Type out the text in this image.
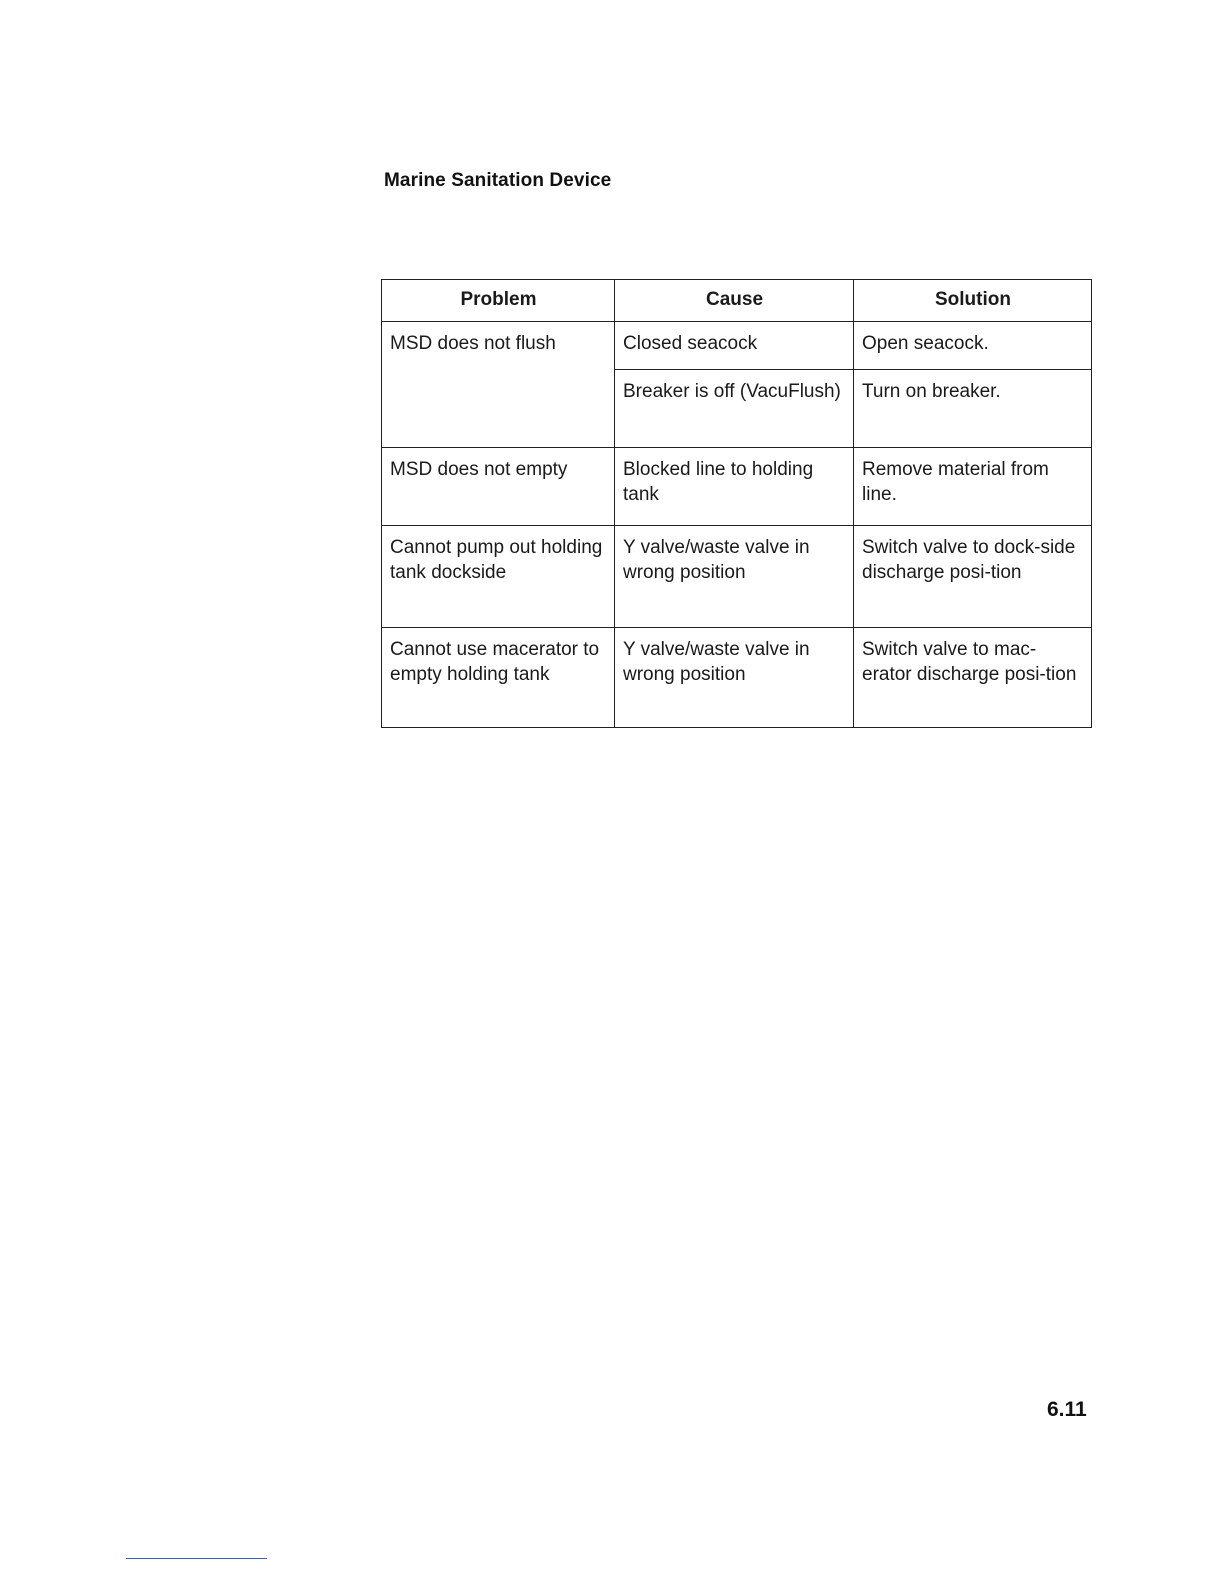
Marine Sanitation Device
Problem	Cause	Solution
MSD does not flush	Closed seacock	Open seacock.
	Breaker is off (VacuFlush)	Turn on breaker.
MSD does not empty	Blocked line to holding tank	Remove material from line.
Cannot pump out holding tank dockside	Y valve/waste valve in wrong position	Switch valve to dock-side discharge posi-tion
Cannot use macerator to empty holding tank	Y valve/waste valve in wrong position	Switch valve to mac-erator discharge posi-tion
6.11
